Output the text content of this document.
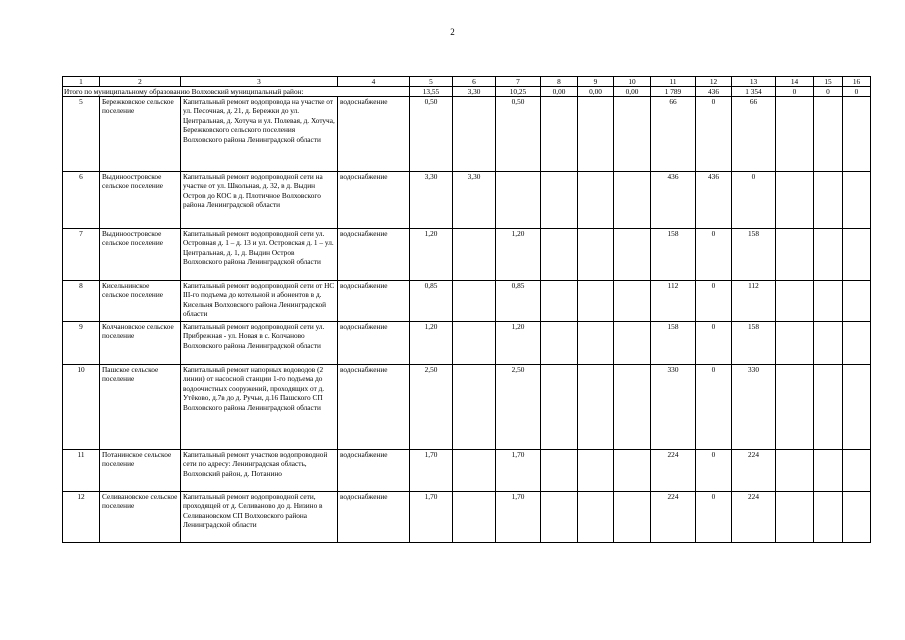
2
1	2	3	4	5	6	7	8	9	10	11	12	13	14	15	16
Итого по муниципальному образованию Волховский муниципальный район:				13,55	3,30	10,25	0,00	0,00	0,00	1 789	436	1 354	0	0	0
5	Бережковское сельское поселение	Капитальный ремонт водопровода на участке от ул. Песочная, д. 21, д. Бережки до ул. Центральная, д. Хотуча и ул. Полевая, д. Хотуча, Бережковского сельского поселения Волховского района Ленинградской области	водоснабжение	0,50		0,50				66	0	66			
6	Выдинoостровское сельское поселение	Капитальный ремонт водопроводной сети на участке от ул. Школьная, д. 32, в д. Выдин Остров до КОС в д. Плотичное Волховского района Ленинградской области	водоснабжение	3,30	3,30					436	436	0			
7	Выдиноостровское сельское поселение	Капитальный ремонт водопроводной сети ул. Островная д. 1 – д. 13 и ул. Островская д. 1 – ул. Центральная, д. 1, д. Выдин Остров Волховского района Ленинградской области	водоснабжение	1,20		1,20				158	0	158			
8	Кисельнинское сельское поселение	Капитальный ремонт водопроводной сети от НС III-го подъема до котельной и абонентов в д. Кисельня Волховского района Ленинградской области	водоснабжение	0,85		0,85				112	0	112			
9	Колчановское сельское поселение	Капитальный ремонт водопроводной сети ул. Прибрежная - ул. Новая в с. Колчаново Волховского района Ленинградской области	водоснабжение	1,20		1,20				158	0	158			
10	Пашское сельское поселение	Капитальный ремонт напорных водоводов (2 линии) от насосной станции 1-го подъема до водоочистных сооружений, проходящих от д. Утёково, д.7в до д. Ручьи, д.16 Пашского СП Волховского района Ленинградской области	водоснабжение	2,50		2,50				330	0	330			
11	Потанинское сельское поселение	Капитальный ремонт участков водопроводной сети по адресу: Ленинградская область, Волховский район, д. Потанино	водоснабжение	1,70		1,70				224	0	224			
12	Селивановское сельское поселение	Капитальный ремонт водопроводной сети, проходящей от д. Селиваново до д. Низино в Селивановском СП Волховского района Ленинградской области	водоснабжение	1,70		1,70				224	0	224			
